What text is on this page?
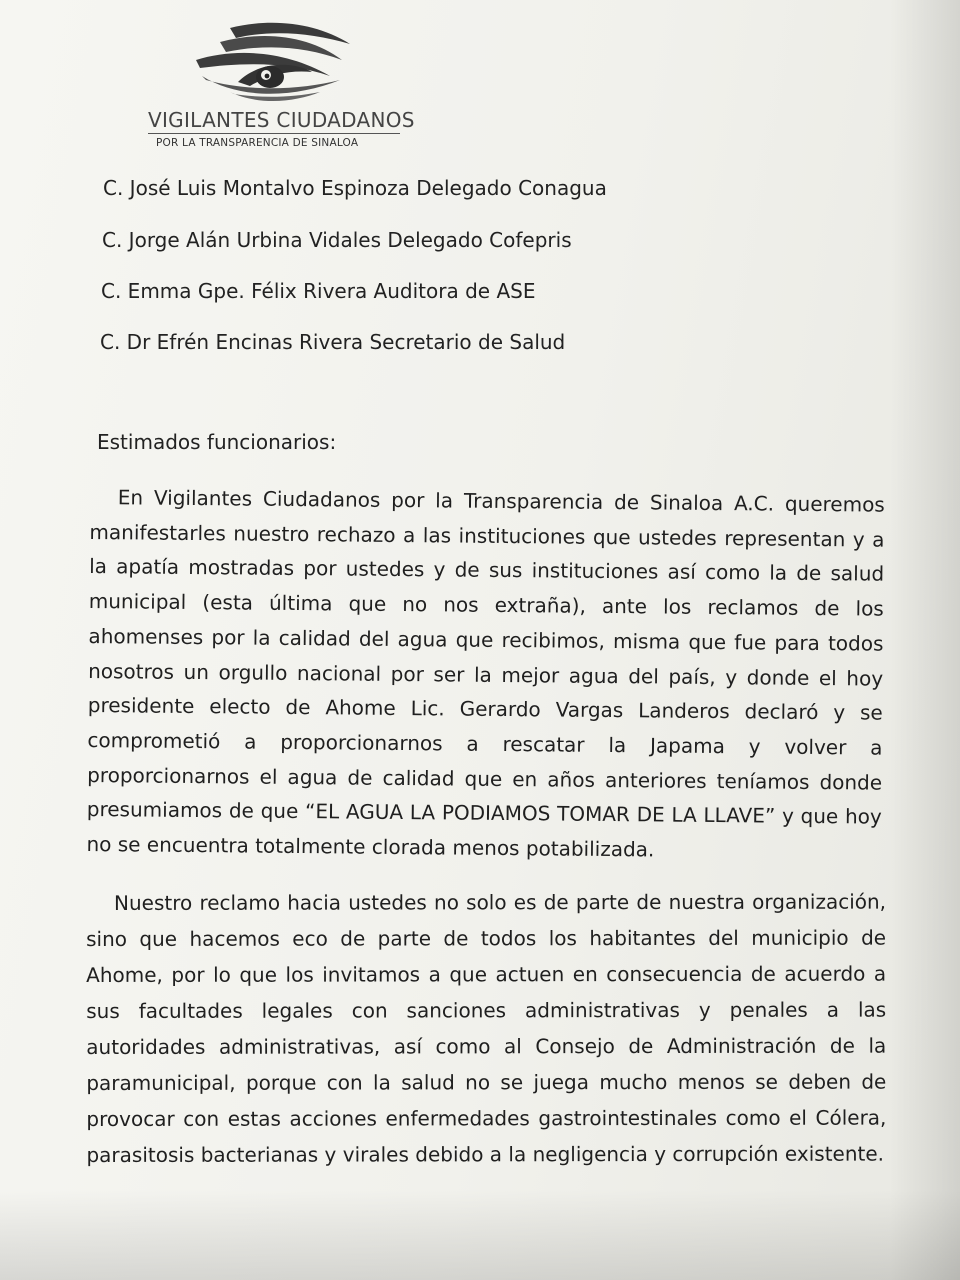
VIGILANTES CIUDADANOS
POR LA TRANSPARENCIA DE SINALOA
C. José Luis Montalvo Espinoza Delegado Conagua
C. Jorge Alán Urbina Vidales Delegado Cofepris
C. Emma Gpe. Félix Rivera Auditora de ASE
C. Dr Efrén Encinas Rivera Secretario de Salud
Estimados funcionarios:
En Vigilantes Ciudadanos por la Transparencia de Sinaloa A.C. queremos manifestarles nuestro rechazo a las instituciones que ustedes representan y a la apatía mostradas por ustedes y de sus instituciones así como la de salud municipal (esta última que no nos extraña), ante los reclamos de los ahomenses por la calidad del agua que recibimos, misma que fue para todos nosotros un orgullo nacional por ser la mejor agua del país, y donde el hoy presidente electo de Ahome Lic. Gerardo Vargas Landeros declaró y se comprometió a proporcionarnos a rescatar la Japama y volver a proporcionarnos el agua de calidad que en años anteriores teníamos donde presumiamos de que “EL AGUA LA PODIAMOS TOMAR DE LA LLAVE” y que hoy no se encuentra totalmente clorada menos potabilizada.
Nuestro reclamo hacia ustedes no solo es de parte de nuestra organización, sino que hacemos eco de parte de todos los habitantes del municipio de Ahome, por lo que los invitamos a que actuen en consecuencia de acuerdo a sus facultades legales con sanciones administrativas y penales a las autoridades administrativas, así como al Consejo de Administración de la paramunicipal, porque con la salud no se juega mucho menos se deben de provocar con estas acciones enfermedades gastrointestinales como el Cólera, parasitosis bacterianas y virales debido a la negligencia y corrupción existente.
